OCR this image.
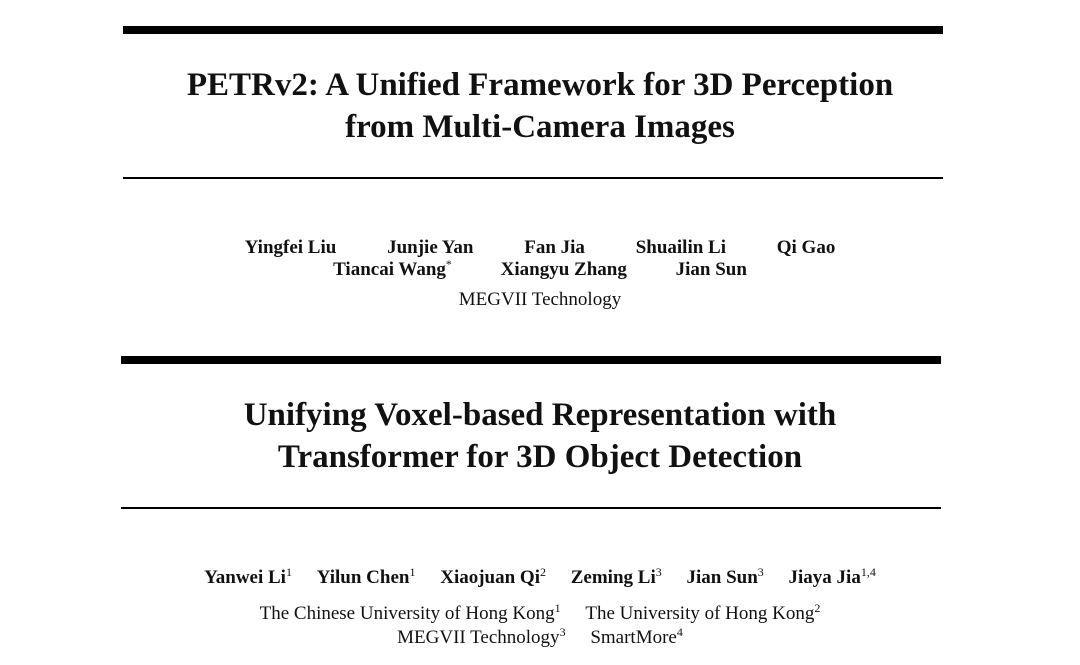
PETRv2: A Unified Framework for 3D Perception
from Multi-Camera Images
Yingfei Liu	Junjie Yan	Fan Jia	Shuailin Li	Qi Gao
Tiancai Wang*	Xiangyu Zhang	Jian Sun
MEGVII Technology
Unifying Voxel-based Representation with
Transformer for 3D Object Detection
Yanwei Li$^1$ Yilun Chen$^1$ Xiaojuan Qi$^2$ Zeming Li$^3$ Jian Sun$^3$ Jiaya Jia$^{1,4}$
The Chinese University of Hong Kong$^1$ The University of Hong Kong$^2$
MEGVII Technology$^3$ SmartMore$^4$
